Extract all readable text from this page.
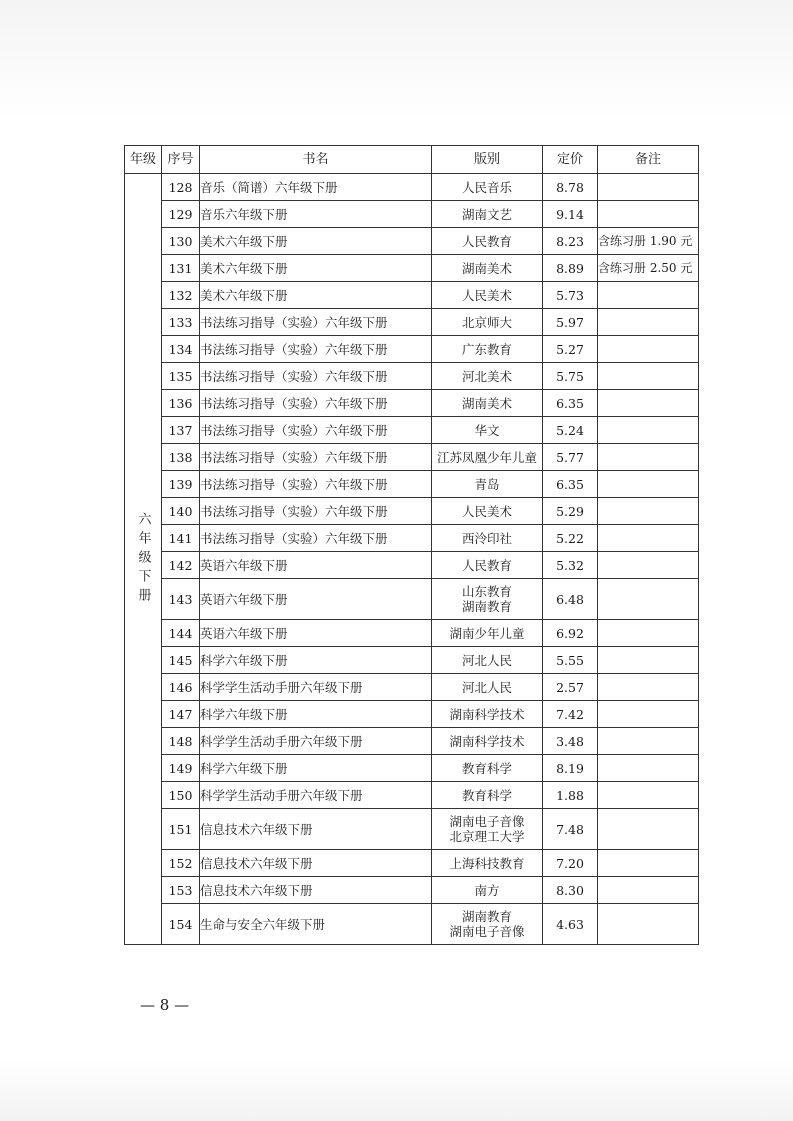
年级	序号	书名	版别	定价	备注
六年级下册	128	音乐（简谱）六年级下册	人民音乐	8.78	
	129	音乐六年级下册	湖南文艺	9.14	
	130	美术六年级下册	人民教育	8.23	含练习册 1.90 元
	131	美术六年级下册	湖南美术	8.89	含练习册 2.50 元
	132	美术六年级下册	人民美术	5.73	
	133	书法练习指导（实验）六年级下册	北京师大	5.97	
	134	书法练习指导（实验）六年级下册	广东教育	5.27	
	135	书法练习指导（实验）六年级下册	河北美术	5.75	
	136	书法练习指导（实验）六年级下册	湖南美术	6.35	
	137	书法练习指导（实验）六年级下册	华文	5.24	
	138	书法练习指导（实验）六年级下册	江苏凤凰少年儿童	5.77	
	139	书法练习指导（实验）六年级下册	青岛	6.35	
	140	书法练习指导（实验）六年级下册	人民美术	5.29	
	141	书法练习指导（实验）六年级下册	西泠印社	5.22	
	142	英语六年级下册	人民教育	5.32	
	143	英语六年级下册	山东教育
湖南教育	6.48	
	144	英语六年级下册	湖南少年儿童	6.92	
	145	科学六年级下册	河北人民	5.55	
	146	科学学生活动手册六年级下册	河北人民	2.57	
	147	科学六年级下册	湖南科学技术	7.42	
	148	科学学生活动手册六年级下册	湖南科学技术	3.48	
	149	科学六年级下册	教育科学	8.19	
	150	科学学生活动手册六年级下册	教育科学	1.88	
	151	信息技术六年级下册	湖南电子音像
北京理工大学	7.48	
	152	信息技术六年级下册	上海科技教育	7.20	
	153	信息技术六年级下册	南方	8.30	
	154	生命与安全六年级下册	湖南教育
湖南电子音像	4.63	
— 8 —
